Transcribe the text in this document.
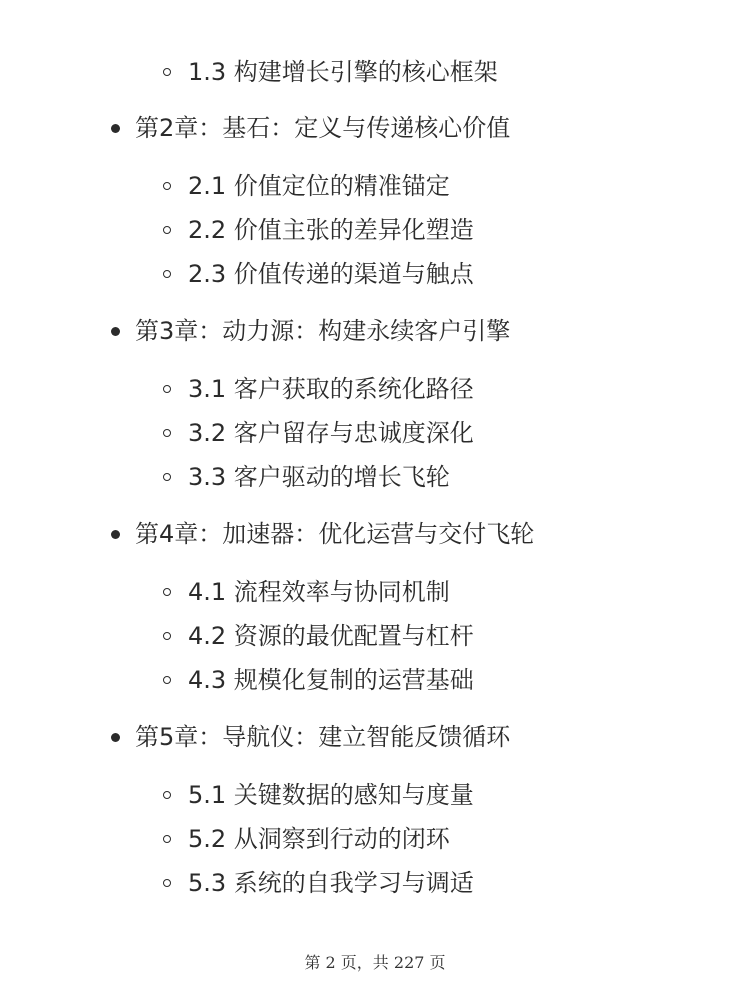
1.3 构建增长引擎的核心框架
第2章：基石：定义与传递核心价值
2.1 价值定位的精准锚定
2.2 价值主张的差异化塑造
2.3 价值传递的渠道与触点
第3章：动力源：构建永续客户引擎
3.1 客户获取的系统化路径
3.2 客户留存与忠诚度深化
3.3 客户驱动的增长飞轮
第4章：加速器：优化运营与交付飞轮
4.1 流程效率与协同机制
4.2 资源的最优配置与杠杆
4.3 规模化复制的运营基础
第5章：导航仪：建立智能反馈循环
5.1 关键数据的感知与度量
5.2 从洞察到行动的闭环
5.3 系统的自我学习与调适
第 2 页，共 227 页
